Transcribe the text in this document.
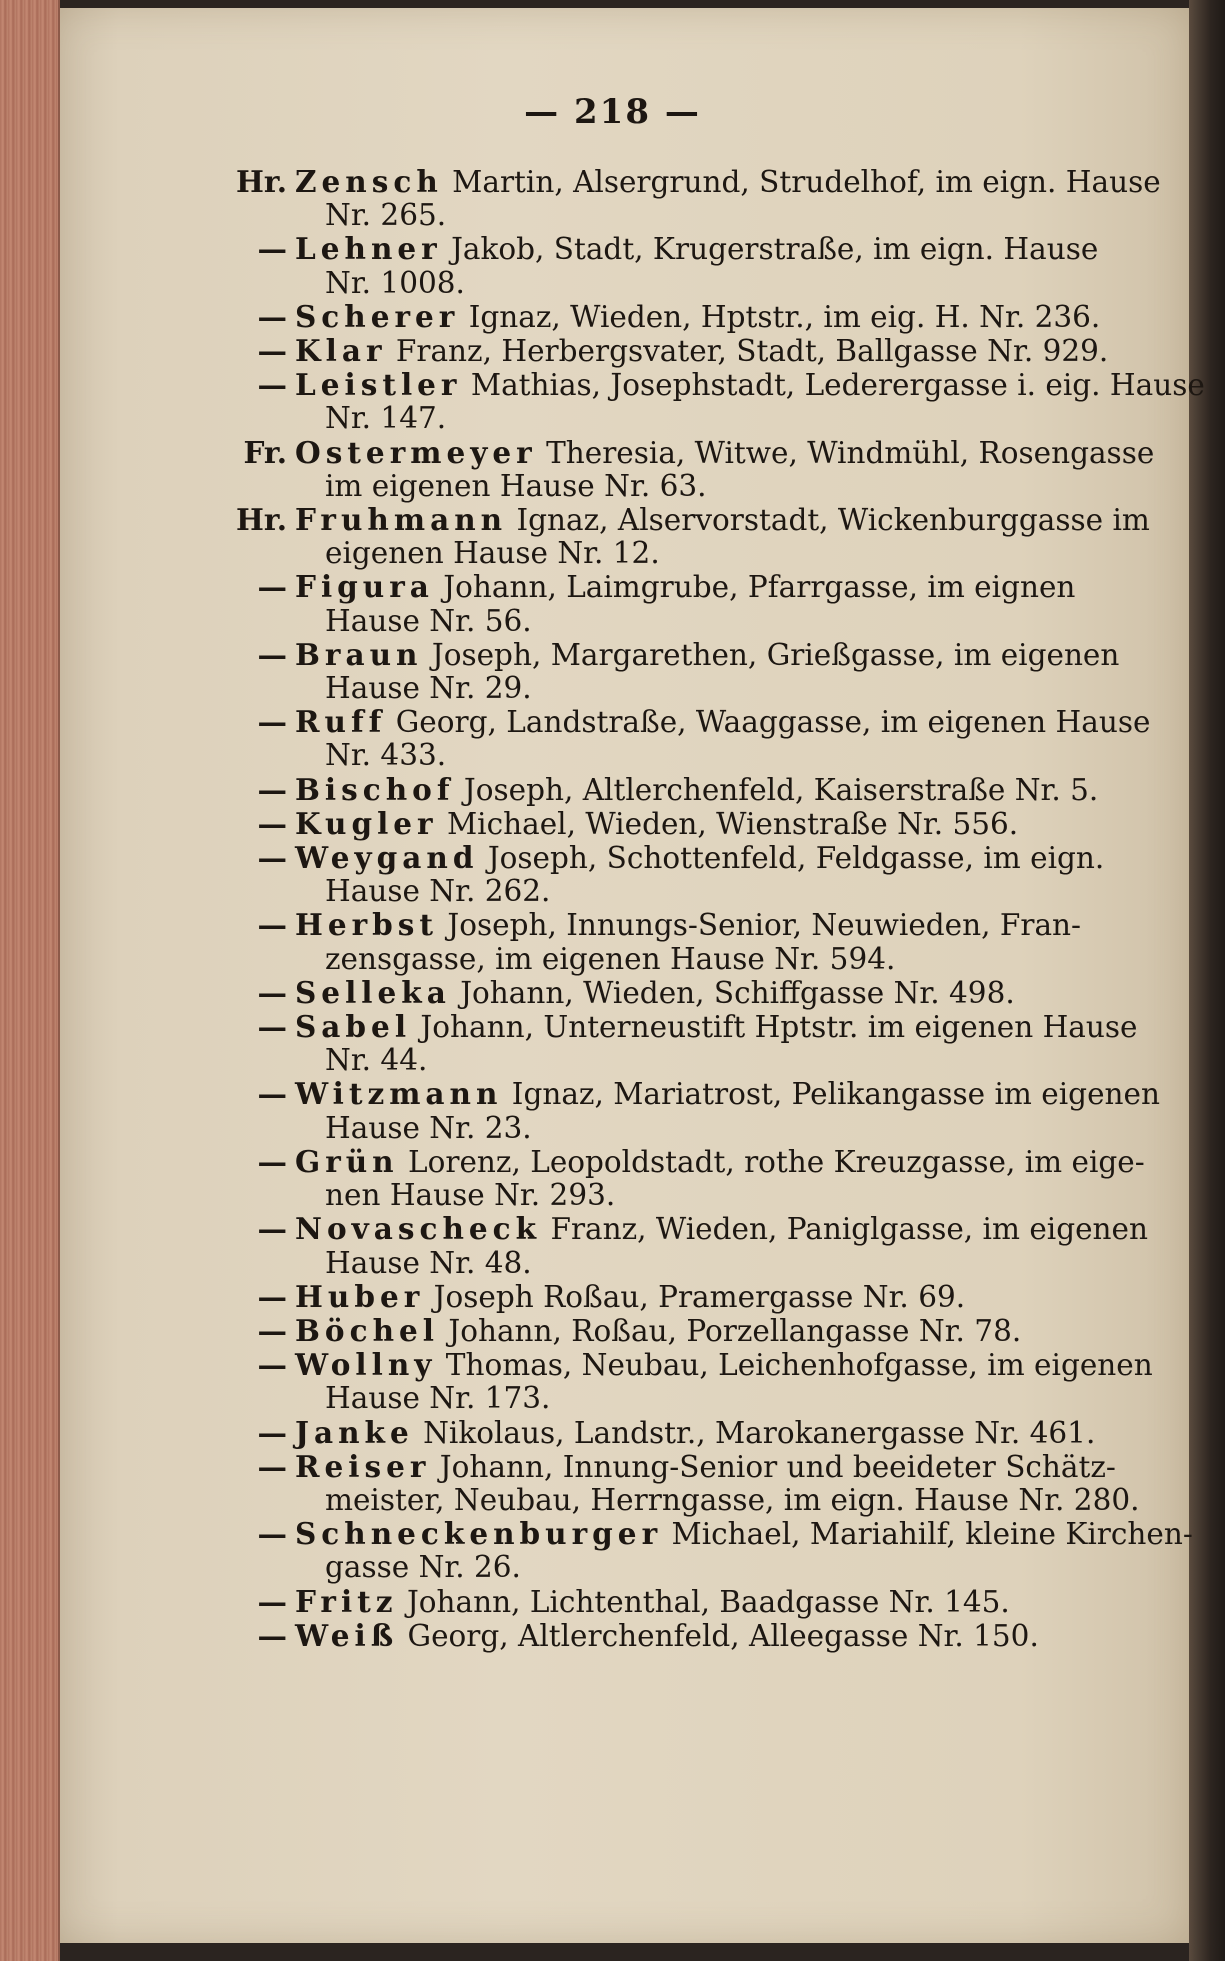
— 218 —
Hr. Zensch Martin, Alsergrund, Strudelhof, im eign. Hause
Nr. 265.
— Lehner Jakob, Stadt, Krugerstraße, im eign. Hause
Nr. 1008.
— Scherer Ignaz, Wieden, Hptstr., im eig. H. Nr. 236.
— Klar Franz, Herbergsvater, Stadt, Ballgasse Nr. 929.
— Leistler Mathias, Josephstadt, Lederergasse i. eig. Hause
Nr. 147.
Fr. Ostermeyer Theresia, Witwe, Windmühl, Rosengasse
im eigenen Hause Nr. 63.
Hr. Fruhmann Ignaz, Alservorstadt, Wickenburggasse im
eigenen Hause Nr. 12.
— Figura Johann, Laimgrube, Pfarrgasse, im eignen
Hause Nr. 56.
— Braun Joseph, Margarethen, Grießgasse, im eigenen
Hause Nr. 29.
— Ruff Georg, Landstraße, Waaggasse, im eigenen Hause
Nr. 433.
— Bischof Joseph, Altlerchenfeld, Kaiserstraße Nr. 5.
— Kugler Michael, Wieden, Wienstraße Nr. 556.
— Weygand Joseph, Schottenfeld, Feldgasse, im eign.
Hause Nr. 262.
— Herbst Joseph, Innungs-Senior, Neuwieden, Fran-
zensgasse, im eigenen Hause Nr. 594.
— Selleka Johann, Wieden, Schiffgasse Nr. 498.
— Sabel Johann, Unterneustift Hptstr. im eigenen Hause
Nr. 44.
— Witzmann Ignaz, Mariatrost, Pelikangasse im eigenen
Hause Nr. 23.
— Grün Lorenz, Leopoldstadt, rothe Kreuzgasse, im eige-
nen Hause Nr. 293.
— Novascheck Franz, Wieden, Paniglgasse, im eigenen
Hause Nr. 48.
— Huber Joseph Roßau, Pramergasse Nr. 69.
— Böchel Johann, Roßau, Porzellangasse Nr. 78.
— Wollny Thomas, Neubau, Leichenhofgasse, im eigenen
Hause Nr. 173.
— Janke Nikolaus, Landstr., Marokanergasse Nr. 461.
— Reiser Johann, Innung-Senior und beeideter Schätz-
meister, Neubau, Herrngasse, im eign. Hause Nr. 280.
— Schneckenburger Michael, Mariahilf, kleine Kirchen-
gasse Nr. 26.
— Fritz Johann, Lichtenthal, Baadgasse Nr. 145.
— Weiß Georg, Altlerchenfeld, Alleegasse Nr. 150.
